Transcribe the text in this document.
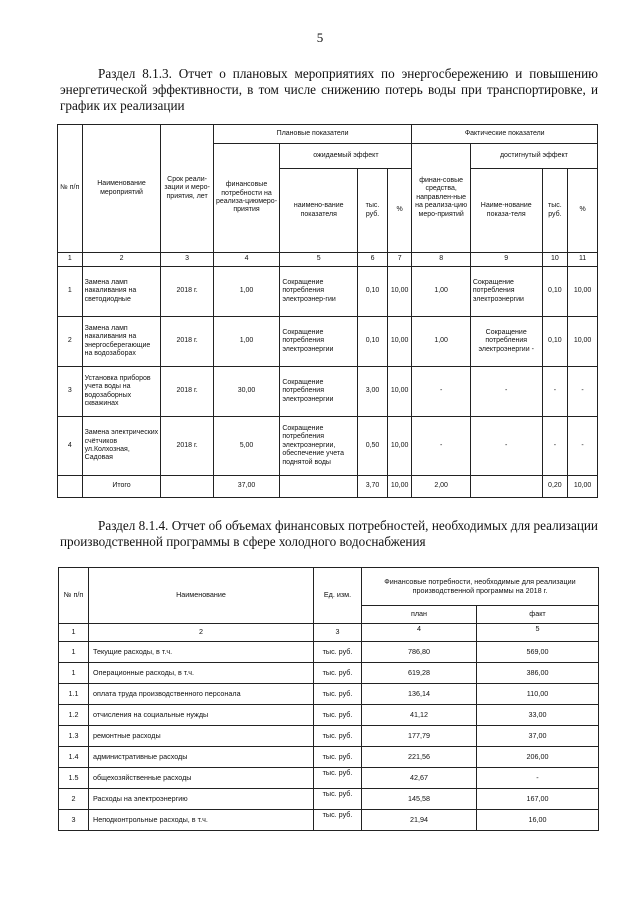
5
Раздел 8.1.3. Отчет о плановых мероприятиях по энергосбережению и повышению энергетической эффективности, в том числе снижению потерь воды при транспортировке, и график их реализации
№ п/п	Наименование мероприятий	Срок реали-зации и меро-приятия, лет	Плановые показатели				Фактические показатели			
			финансовые потребности на реализа-циюмеро-приятия	ожидаемый эффект			финан-совые средства, направлен-ные на реализа-цию меро-приятий	достигнутый эффект		
				наимено-вание показателя	тыс. руб.	%		Наиме-нование показа-теля	тыс. руб.	%
1	2	3	4	5	6	7	8	9	10	11
1	Замена ламп накаливания на светодиодные	2018 г.	1,00	Сокращение потребления электроэнер-гии	0,10	10,00	1,00	Сокращение потребления электроэнергии	0,10	10,00
2	Замена ламп накаливания на энергосберегающие на водозаборах	2018 г.	1,00	Сокращение потребления электроэнергии	0,10	10,00	1,00	Сокращение потребления электроэнергии -	0,10	10,00
3	Установка приборов учета воды на водозаборных скважинах	2018 г.	30,00	Сокращение потребления электроэнергии	3,00	10,00	-	-	-	-
4	Замена электрических счётчиков ул.Колхозная, Садовая	2018 г.	5,00	Сокращение потребления электроэнергии, обеспечение учета поднятой воды	0,50	10,00	-	-	-	-
	Итого		37,00		3,70	10,00	2,00		0,20	10,00
Раздел 8.1.4. Отчет об объемах финансовых потребностей, необходимых для реализации производственной программы в сфере холодного водоснабжения
№ п/п	Наименование	Ед. изм.	Финансовые потребности, необходимые для реализации производственной программы на 2018 г.	
			план	факт
1	2	3	4	5
1	Текущие расходы, в т.ч.	тыс. руб.	786,80	569,00
1	Операционные расходы, в т.ч.	тыс. руб.	619,28	386,00
1.1	оплата труда производственного персонала	тыс. руб.	136,14	110,00
1.2	отчисления на социальные нужды	тыс. руб.	41,12	33,00
1.3	ремонтные расходы	тыс. руб.	177,79	37,00
1.4	административные расходы	тыс. руб.	221,56	206,00
1.5	общехозяйственные расходы	тыс. руб.	42,67	-
2	Расходы на электроэнергию	тыс. руб.	145,58	167,00
3	Неподконтрольные расходы, в т.ч.	тыс. руб.	21,94	16,00
